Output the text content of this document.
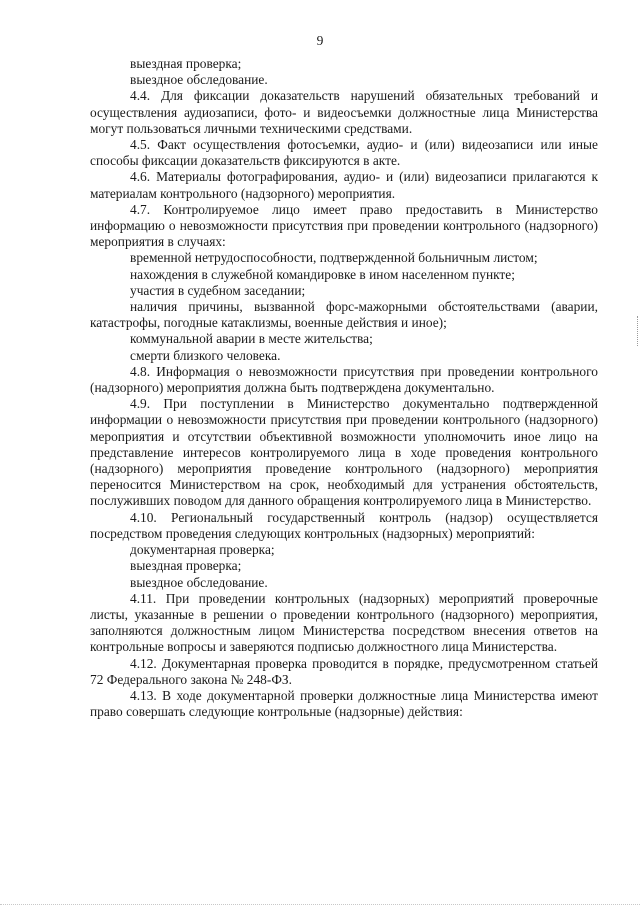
9

выездная проверка;

выездное обследование.

4.4. Для фиксации доказательств нарушений обязательных требований и осуществления аудиозаписи, фото- и видеосъемки должностные лица Министерства могут пользоваться личными техническими средствами.

4.5. Факт осуществления фотосъемки, аудио- и (или) видеозаписи или иные способы фиксации доказательств фиксируются в акте.

4.6. Материалы фотографирования, аудио- и (или) видеозаписи прилагаются к материалам контрольного (надзорного) мероприятия.

4.7. Контролируемое лицо имеет право предоставить в Министерство информацию о невозможности присутствия при проведении контрольного (надзорного) мероприятия в случаях:

временной нетрудоспособности, подтвержденной больничным листом;

нахождения в служебной командировке в ином населенном пункте;

участия в судебном заседании;

наличия причины, вызванной форс-мажорными обстоятельствами (аварии, катастрофы, погодные катаклизмы, военные действия и иное);

коммунальной аварии в месте жительства;

смерти близкого человека.

4.8. Информация о невозможности присутствия при проведении контрольного (надзорного) мероприятия должна быть подтверждена документально.

4.9. При поступлении в Министерство документально подтвержденной информации о невозможности присутствия при проведении контрольного (надзорного) мероприятия и отсутствии объективной возможности уполномочить иное лицо на представление интересов контролируемого лица в ходе проведения контрольного (надзорного) мероприятия проведение контрольного (надзорного) мероприятия переносится Министерством на срок, необходимый для устранения обстоятельств, послуживших поводом для данного обращения контролируемого лица в Министерство.

4.10. Региональный государственный контроль (надзор) осуществляется посредством проведения следующих контрольных (надзорных) мероприятий:

документарная проверка;

выездная проверка;

выездное обследование.

4.11. При проведении контрольных (надзорных) мероприятий проверочные листы, указанные в решении о проведении контрольного (надзорного) мероприятия, заполняются должностным лицом Министерства посредством внесения ответов на контрольные вопросы и заверяются подписью должностного лица Министерства.

4.12. Документарная проверка проводится в порядке, предусмотренном статьей 72 Федерального закона № 248-ФЗ.

4.13. В ходе документарной проверки должностные лица Министерства имеют право совершать следующие контрольные (надзорные) действия:
